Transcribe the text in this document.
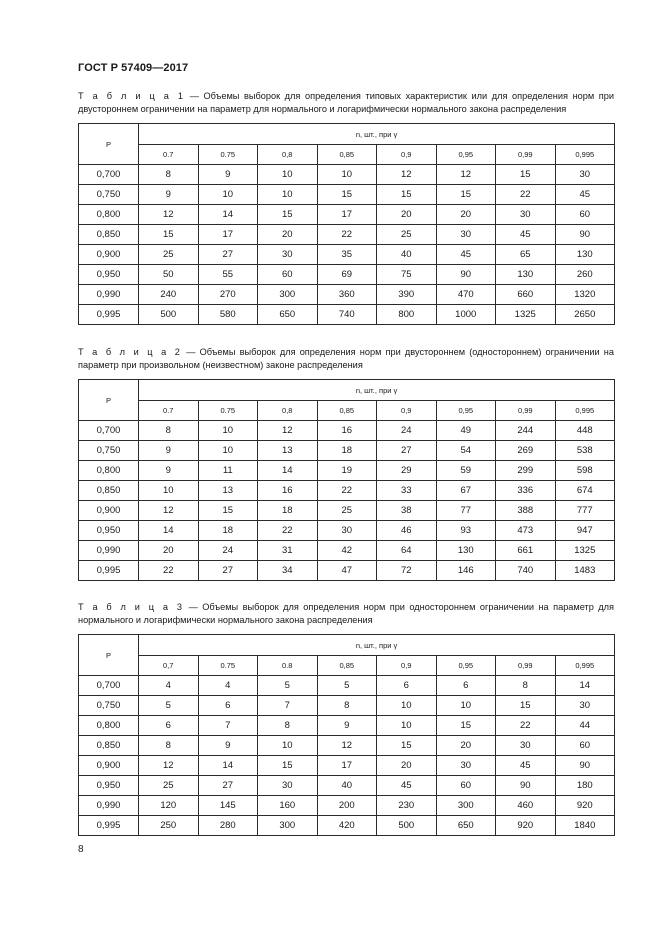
ГОСТ Р 57409—2017
Т а б л и ц а 1 — Объемы выборок для определения типовых характеристик или для определения норм при двустороннем ограничении на параметр для нормального и логарифмически нормального закона распределения
P	n, шт., при γ							
	0.7	0.75	0,8	0,85	0,9	0,95	0,99	0,995
0,700	8	9	10	10	12	12	15	30
0,750	9	10	10	15	15	15	22	45
0,800	12	14	15	17	20	20	30	60
0,850	15	17	20	22	25	30	45	90
0,900	25	27	30	35	40	45	65	130
0,950	50	55	60	69	75	90	130	260
0,990	240	270	300	360	390	470	660	1320
0,995	500	580	650	740	800	1000	1325	2650
Т а б л и ц а 2 — Объемы выборок для определения норм при двустороннем (одностороннем) ограничении на параметр при произвольном (неизвестном) законе распределения
P	n, шт., при γ							
	0.7	0.75	0,8	0,85	0,9	0,95	0,99	0,995
0,700	8	10	12	16	24	49	244	448
0,750	9	10	13	18	27	54	269	538
0,800	9	11	14	19	29	59	299	598
0,850	10	13	16	22	33	67	336	674
0,900	12	15	18	25	38	77	388	777
0,950	14	18	22	30	46	93	473	947
0,990	20	24	31	42	64	130	661	1325
0,995	22	27	34	47	72	146	740	1483
Т а б л и ц а 3 — Объемы выборок для определения норм при одностороннем ограничении на параметр для нормального и логарифмически нормального закона распределения
P	n, шт., при γ							
	0,7	0.75	0.8	0,85	0,9	0,95	0,99	0,995
0,700	4	4	5	5	6	6	8	14
0,750	5	6	7	8	10	10	15	30
0,800	6	7	8	9	10	15	22	44
0,850	8	9	10	12	15	20	30	60
0,900	12	14	15	17	20	30	45	90
0,950	25	27	30	40	45	60	90	180
0,990	120	145	160	200	230	300	460	920
0,995	250	280	300	420	500	650	920	1840
8
